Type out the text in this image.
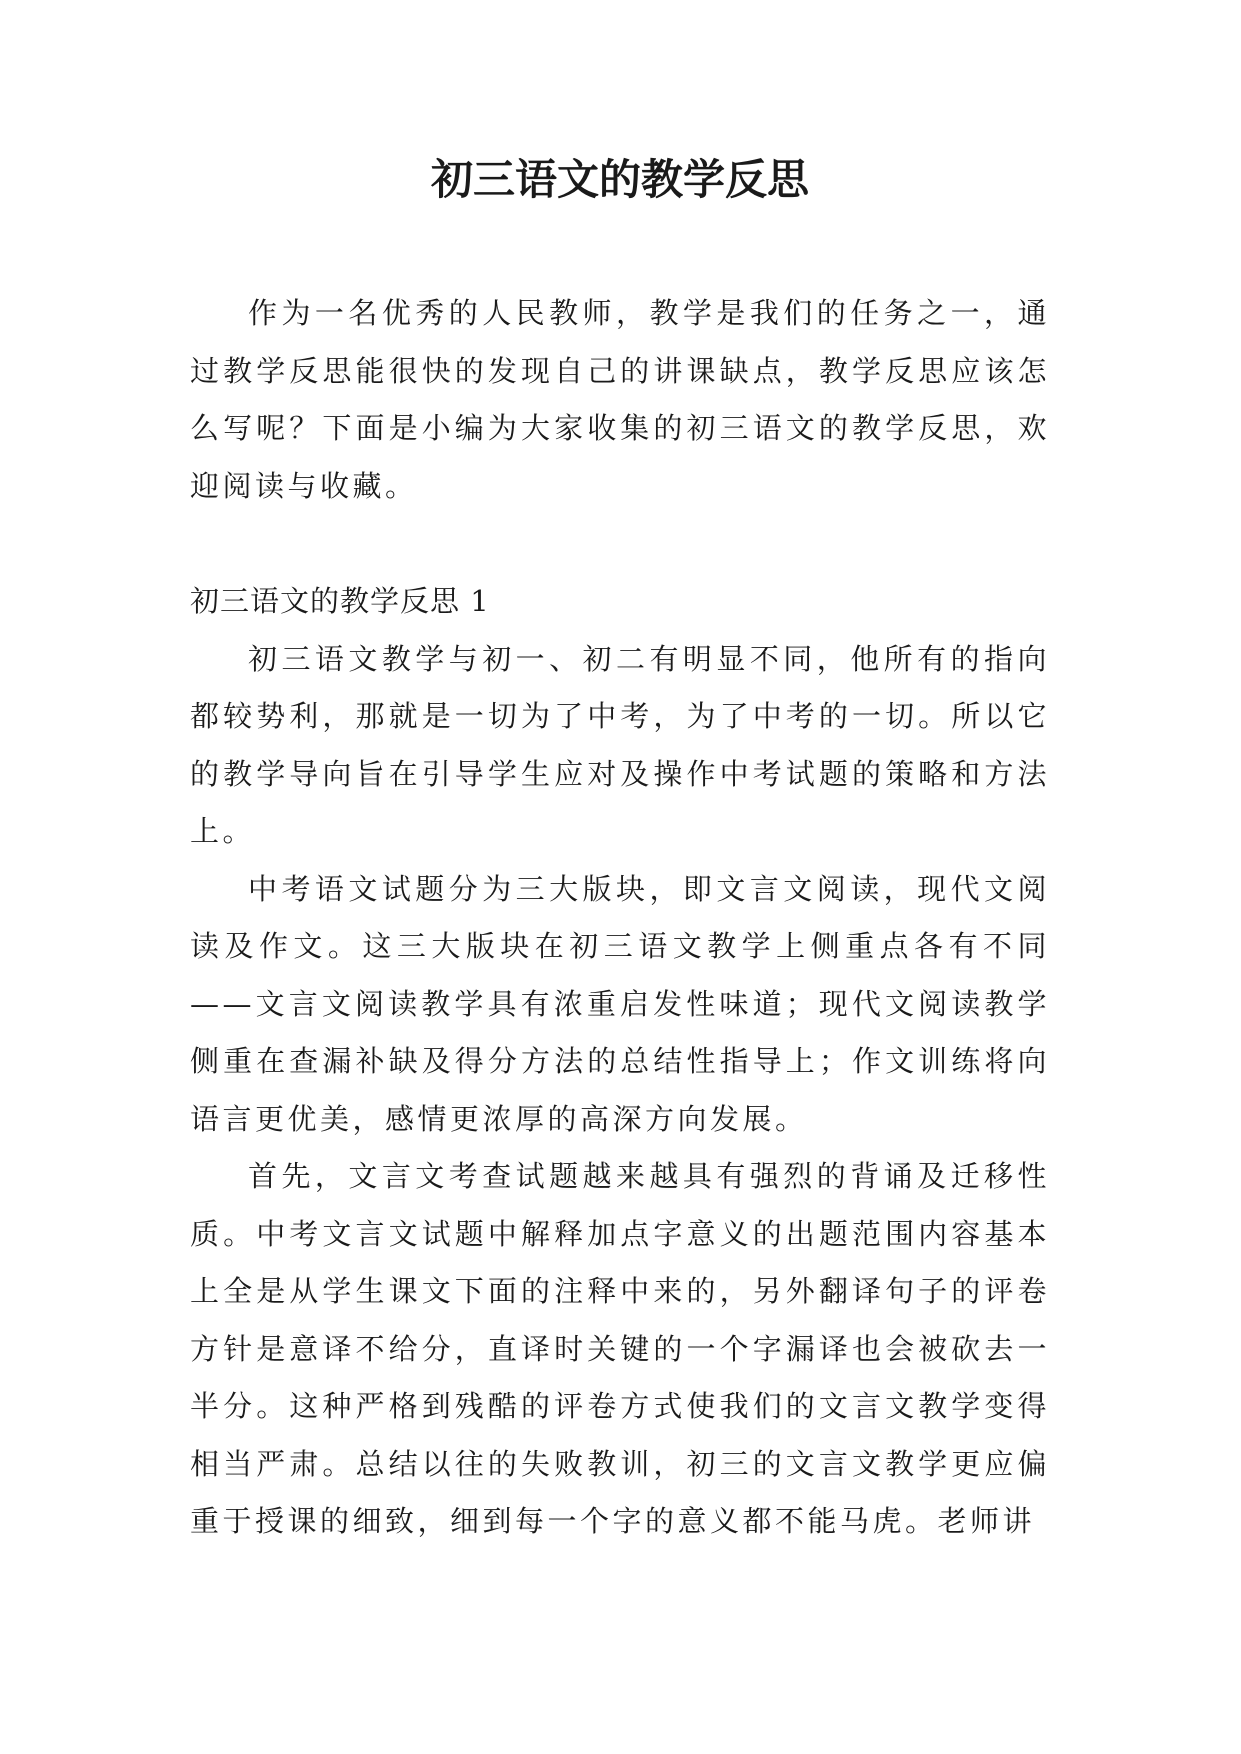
初三语文的教学反思

作为一名优秀的人民教师，教学是我们的任务之一，通过教学反思能很快的发现自己的讲课缺点，教学反思应该怎么写呢？下面是小编为大家收集的初三语文的教学反思，欢迎阅读与收藏。

初三语文的教学反思 1

初三语文教学与初一、初二有明显不同，他所有的指向都较势利，那就是一切为了中考，为了中考的一切。所以它的教学导向旨在引导学生应对及操作中考试题的策略和方法上。

中考语文试题分为三大版块，即文言文阅读，现代文阅读及作文。这三大版块在初三语文教学上侧重点各有不同——文言文阅读教学具有浓重启发性味道；现代文阅读教学侧重在查漏补缺及得分方法的总结性指导上；作文训练将向语言更优美，感情更浓厚的高深方向发展。

首先，文言文考查试题越来越具有强烈的背诵及迁移性质。中考文言文试题中解释加点字意义的出题范围内容基本上全是从学生课文下面的注释中来的，另外翻译句子的评卷方针是意译不给分，直译时关键的一个字漏译也会被砍去一半分。这种严格到残酷的评卷方式使我们的文言文教学变得相当严肃。总结以往的失败教训，初三的文言文教学更应偏重于授课的细致，细到每一个字的意义都不能马虎。老师讲
